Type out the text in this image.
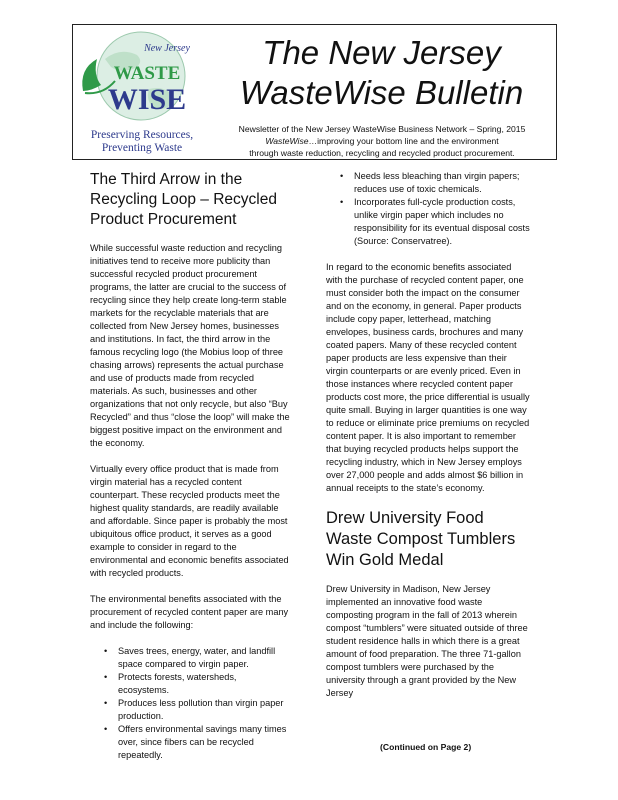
New Jersey
WASTE
WISE
Preserving Resources,
Preventing Waste
The New Jersey
WasteWise Bulletin
Newsletter of the New Jersey WasteWise Business Network – Spring, 2015
WasteWise…improving your bottom line and the environment
through waste reduction, recycling and recycled product procurement.
The Third Arrow in the Recycling Loop – Recycled Product Procurement

While successful waste reduction and recycling initiatives tend to receive more publicity than successful recycled product procurement programs, the latter are crucial to the success of recycling since they help create long-term stable markets for the recyclable materials that are collected from New Jersey homes, businesses and institutions. In fact, the third arrow in the famous recycling logo (the Mobius loop of three chasing arrows) represents the actual purchase and use of products made from recycled materials. As such, businesses and other organizations that not only recycle, but also “Buy Recycled” and thus “close the loop” will make the biggest positive impact on the environment and the economy.

Virtually every office product that is made from virgin material has a recycled content counterpart. These recycled products meet the highest quality standards, are readily available and affordable. Since paper is probably the most ubiquitous office product, it serves as a good example to consider in regard to the environmental and economic benefits associated with recycled products.

The environmental benefits associated with the procurement of recycled content paper are many and include the following:

• Saves trees, energy, water, and landfill space compared to virgin paper.
• Protects forests, watersheds, ecosystems.
• Produces less pollution than virgin paper production.
• Offers environmental savings many times over, since fibers can be recycled repeatedly.
• Needs less bleaching than virgin papers; reduces use of toxic chemicals.
• Incorporates full-cycle production costs, unlike virgin paper which includes no responsibility for its eventual disposal costs (Source: Conservatree).

In regard to the economic benefits associated with the purchase of recycled content paper, one must consider both the impact on the consumer and on the economy, in general. Paper products include copy paper, letterhead, matching envelopes, business cards, brochures and many coated papers. Many of these recycled content paper products are less expensive than their virgin counterparts or are evenly priced. Even in those instances where recycled content paper products cost more, the price differential is usually quite small. Buying in larger quantities is one way to reduce or eliminate price premiums on recycled content paper. It is also important to remember that buying recycled products helps support the recycling industry, which in New Jersey employs over 27,000 people and adds almost $6 billion in annual receipts to the state’s economy.

Drew University Food Waste Compost Tumblers Win Gold Medal

Drew University in Madison, New Jersey implemented an innovative food waste composting program in the fall of 2013 wherein compost “tumblers” were situated outside of three student residence halls in which there is a great amount of food preparation. The three 71-gallon compost tumblers were purchased by the university through a grant provided by the New Jersey

(Continued on Page 2)
